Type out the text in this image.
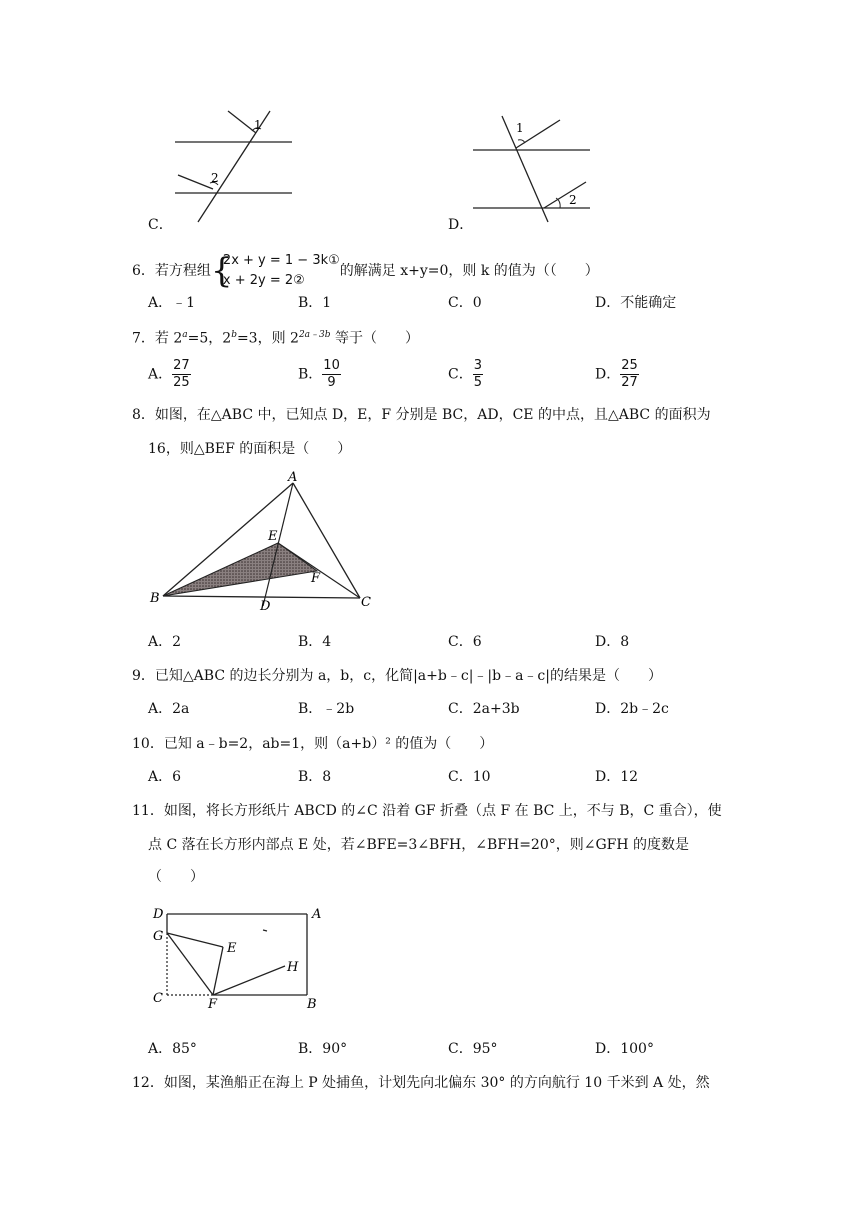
1
2
C．
1
2
D．
6．若方程组 {
2x + y = 1 − 3k①
x + 2y = 2②
的解满足 x+y=0，则 k 的值为（（　　）
A．﹣1	B．1	C．0	D．不能确定
7．若 $2^a=5$，$2^b=3$，则 $2^{2a﹣3b}$ 等于（　　）
A． $\frac{27}{25}$	B． $\frac{10}{9}$	C． $\frac{3}{5}$	D． $\frac{25}{27}$
8．如图，在△ABC 中，已知点 D，E，F 分别是 BC，AD，CE 的中点，且△ABC 的面积为
16，则△BEF 的面积是（　　）
A
B	C
D
E
F
A．2	B．4	C．6	D．8
9．已知△ABC 的边长分别为 a，b，c，化简|a+b﹣c|﹣|b﹣a﹣c|的结果是（　　）
A．2a	B．﹣2b	C．2a+3b	D．2b﹣2c
10．已知 a﹣b=2，ab=1，则（a+b）² 的值为（　　）
A．6	B．8	C．10	D．12
11．如图，将长方形纸片 ABCD 的∠C 沿着 GF 折叠（点 F 在 BC 上，不与 B，C 重合），使
点 C 落在长方形内部点 E 处，若∠BFE=3∠BFH，∠BFH=20°，则∠GFH 的度数是
（　　）
D	A
G
E
H
C	F	B
A．85°	B．90°	C．95°	D．100°
12．如图，某渔船正在海上 P 处捕鱼，计划先向北偏东 30° 的方向航行 10 千米到 A 处，然
